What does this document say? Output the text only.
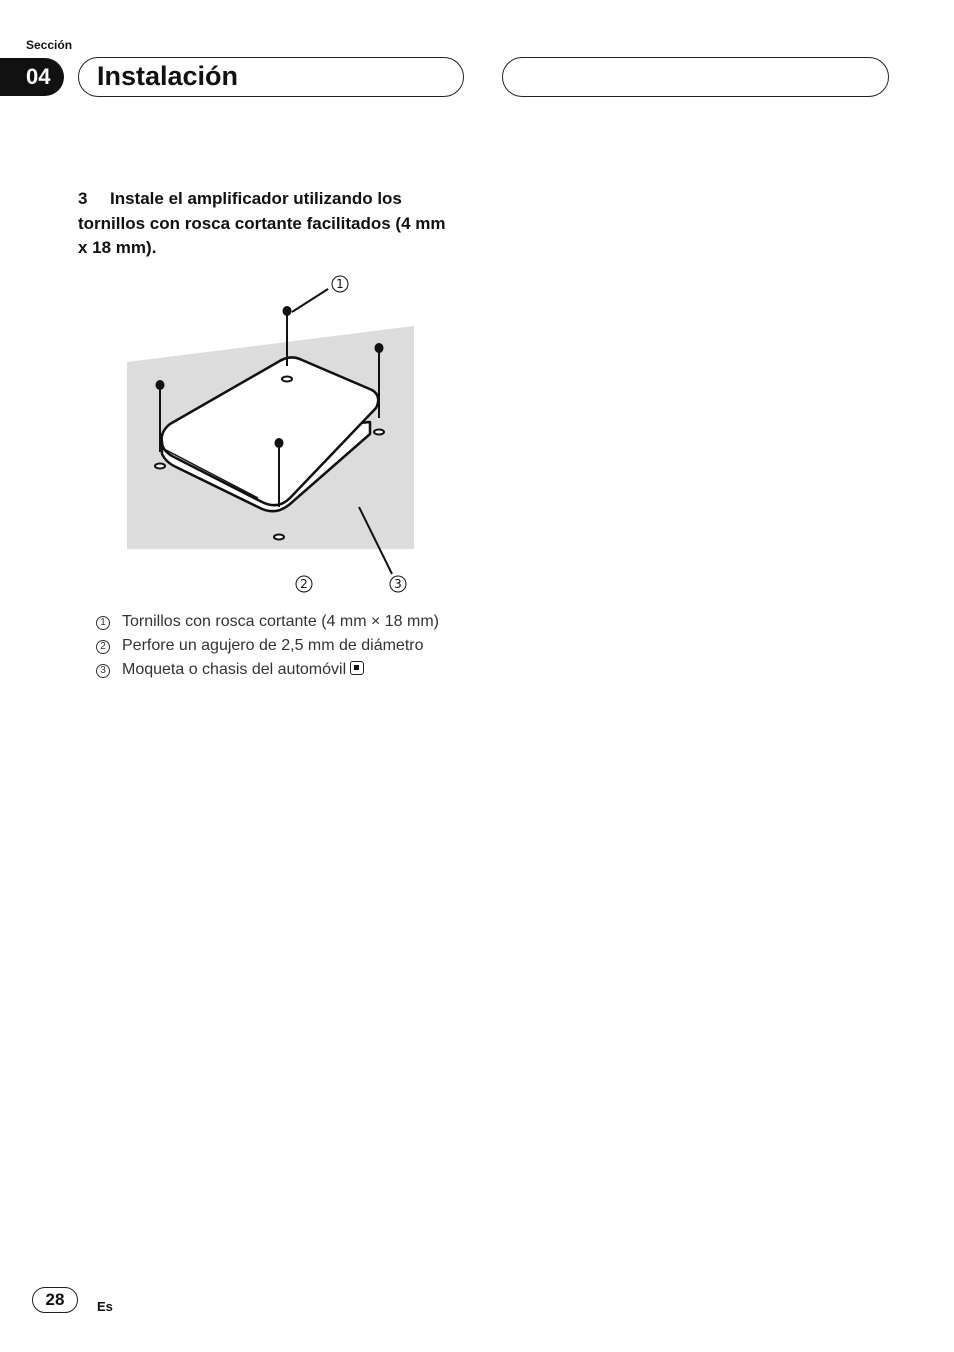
Sección
04 Instalación
3 Instale el amplificador utilizando los tornillos con rosca cortante facilitados (4 mm x 18 mm).
1
2	3
1	Tornillos con rosca cortante (4 mm × 18 mm)
2	Perfore un agujero de 2,5 mm de diámetro
3	Moqueta o chasis del automóvil
28	Es
